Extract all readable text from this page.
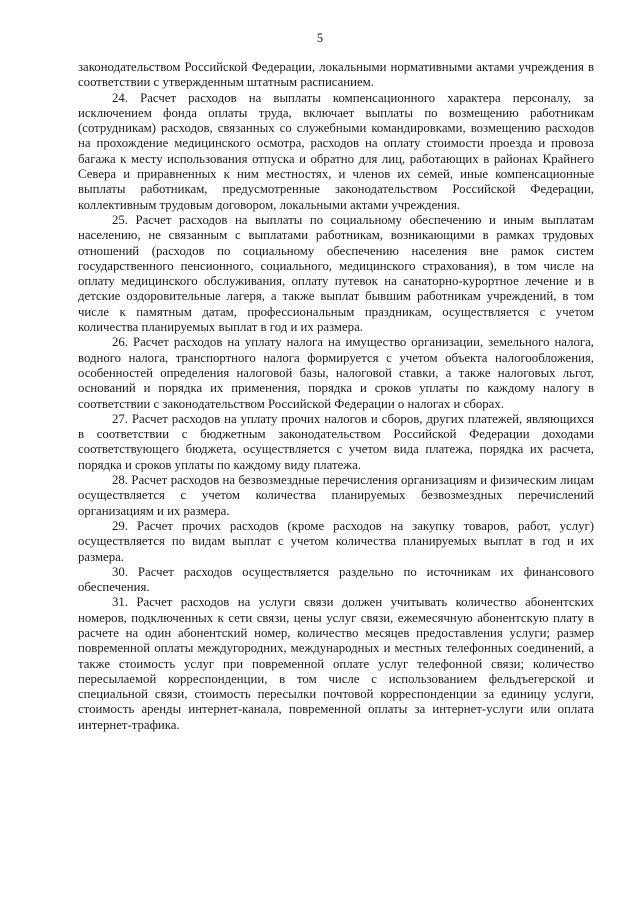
5

законодательством Российской Федерации, локальными нормативными актами учреждения в соответствии с утвержденным штатным расписанием.

24. Расчет расходов на выплаты компенсационного характера персоналу, за исключением фонда оплаты труда, включает выплаты по возмещению работникам (сотрудникам) расходов, связанных со служебными командировками, возмещению расходов на прохождение медицинского осмотра, расходов на оплату стоимости проезда и провоза багажа к месту использования отпуска и обратно для лиц, работающих в районах Крайнего Севера и приравненных к ним местностях, и членов их семей, иные компенсационные выплаты работникам, предусмотренные законодательством Российской Федерации, коллективным трудовым договором, локальными актами учреждения.

25. Расчет расходов на выплаты по социальному обеспечению и иным выплатам населению, не связанным с выплатами работникам, возникающими в рамках трудовых отношений (расходов по социальному обеспечению населения вне рамок систем государственного пенсионного, социального, медицинского страхования), в том числе на оплату медицинского обслуживания, оплату путевок на санаторно-курортное лечение и в детские оздоровительные лагеря, а также выплат бывшим работникам учреждений, в том числе к памятным датам, профессиональным праздникам, осуществляется с учетом количества планируемых выплат в год и их размера.

26. Расчет расходов на уплату налога на имущество организации, земельного налога, водного налога, транспортного налога формируется с учетом объекта налогообложения, особенностей определения налоговой базы, налоговой ставки, а также налоговых льгот, оснований и порядка их применения, порядка и сроков уплаты по каждому налогу в соответствии с законодательством Российской Федерации о налогах и сборах.

27. Расчет расходов на уплату прочих налогов и сборов, других платежей, являющихся в соответствии с бюджетным законодательством Российской Федерации доходами соответствующего бюджета, осуществляется с учетом вида платежа, порядка их расчета, порядка и сроков уплаты по каждому виду платежа.

28. Расчет расходов на безвозмездные перечисления организациям и физическим лицам осуществляется с учетом количества планируемых безвозмездных перечислений организациям и их размера.

29. Расчет прочих расходов (кроме расходов на закупку товаров, работ, услуг) осуществляется по видам выплат с учетом количества планируемых выплат в год и их размера.

30. Расчет расходов осуществляется раздельно по источникам их финансового обеспечения.

31. Расчет расходов на услуги связи должен учитывать количество абонентских номеров, подключенных к сети связи, цены услуг связи, ежемесячную абонентскую плату в расчете на один абонентский номер, количество месяцев предоставления услуги; размер повременной оплаты междугородних, международных и местных телефонных соединений, а также стоимость услуг при повременной оплате услуг телефонной связи; количество пересылаемой корреспонденции, в том числе с использованием фельдъегерской и специальной связи, стоимость пересылки почтовой корреспонденции за единицу услуги, стоимость аренды интернет-канала, повременной оплаты за интернет-услуги или оплата интернет-трафика.
